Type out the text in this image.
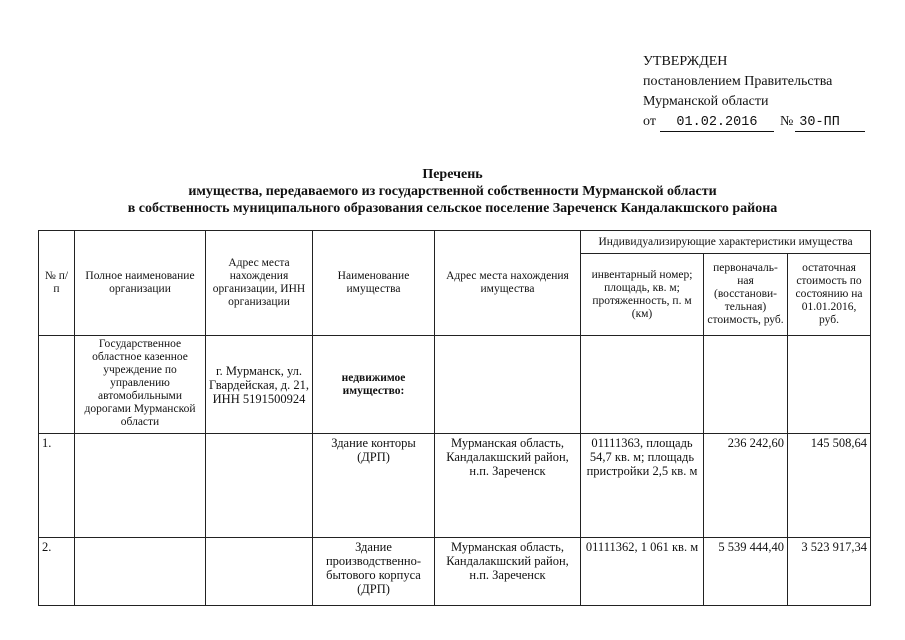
УТВЕРЖДЕН
постановлением Правительства
Мурманской области
от	01.02.2016	№ 30-ПП
Перечень
имущества, передаваемого из государственной собственности Мурманской области
в собственность муниципального образования сельское поселение Зареченск Кандалакшского района
№ п/п	Полное наименование организации	Адрес места нахождения организации, ИНН организации	Наименование имущества	Адрес места нахождения имущества	Индивидуализирующие характеристики имущества		
					инвентарный номер; площадь, кв. м; протяженность, п. м (км)	первоначаль-ная (восстанови-тельная) стоимость, руб.	остаточная стоимость по состоянию на 01.01.2016, руб.
	Государственное областное казенное учреждение по управлению автомобильными дорогами Мурманской области	г. Мурманск, ул. Гвардейская, д. 21, ИНН 5191500924	недвижимое имущество:				
1.			Здание конторы (ДРП)	Мурманская область, Кандалакшский район, н.п. Зареченск	01111363, площадь 54,7 кв. м; площадь пристройки 2,5 кв. м	236 242,60	145 508,64
2.			Здание производственно-бытового корпуса (ДРП)	Мурманская область, Кандалакшский район, н.п. Зареченск	01111362, 1 061 кв. м	5 539 444,40	3 523 917,34
